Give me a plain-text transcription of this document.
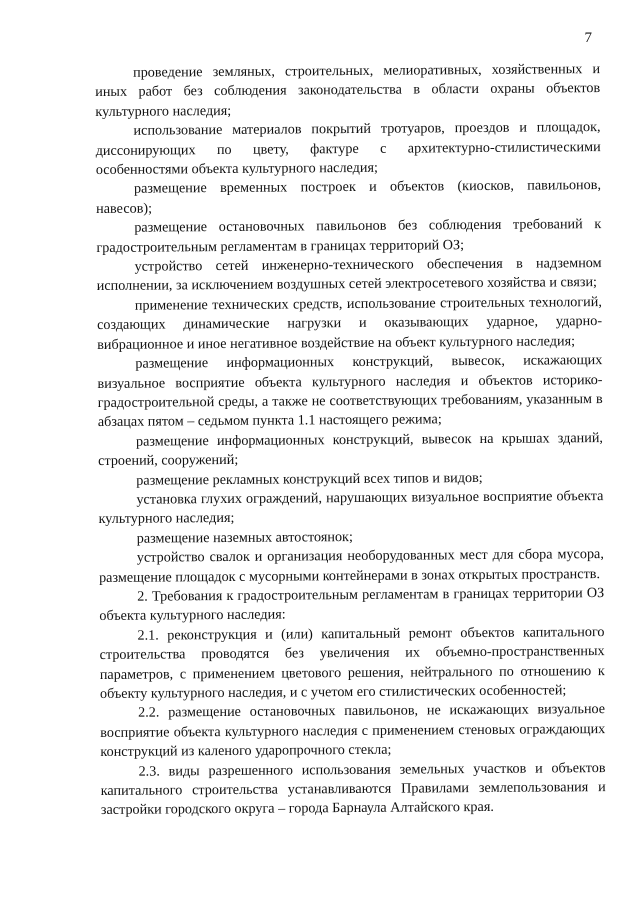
7

проведение земляных, строительных, мелиоративных, хозяйственных и иных работ без соблюдения законодательства в области охраны объектов культурного наследия;

использование материалов покрытий тротуаров, проездов и площадок, диссонирующих по цвету, фактуре с архитектурно-стилистическими особенностями объекта культурного наследия;

размещение временных построек и объектов (киосков, павильонов, навесов);

размещение остановочных павильонов без соблюдения требований к градостроительным регламентам в границах территорий ОЗ;

устройство сетей инженерно-технического обеспечения в надземном исполнении, за исключением воздушных сетей электросетевого хозяйства и связи;

применение технических средств, использование строительных технологий, создающих динамические нагрузки и оказывающих ударное, ударно-вибрационное и иное негативное воздействие на объект культурного наследия;

размещение информационных конструкций, вывесок, искажающих визуальное восприятие объекта культурного наследия и объектов историко-градостроительной среды, а также не соответствующих требованиям, указанным в абзацах пятом – седьмом пункта 1.1 настоящего режима;

размещение информационных конструкций, вывесок на крышах зданий, строений, сооружений;

размещение рекламных конструкций всех типов и видов;

установка глухих ограждений, нарушающих визуальное восприятие объекта культурного наследия;

размещение наземных автостоянок;

устройство свалок и организация необорудованных мест для сбора мусора, размещение площадок с мусорными контейнерами в зонах открытых пространств.

2. Требования к градостроительным регламентам в границах территории ОЗ объекта культурного наследия:

2.1. реконструкция и (или) капитальный ремонт объектов капитального строительства проводятся без увеличения их объемно-пространственных параметров, с применением цветового решения, нейтрального по отношению к объекту культурного наследия, и с учетом его стилистических особенностей;

2.2. размещение остановочных павильонов, не искажающих визуальное восприятие объекта культурного наследия с применением стеновых ограждающих конструкций из каленого ударопрочного стекла;

2.3. виды разрешенного использования земельных участков и объектов капитального строительства устанавливаются Правилами землепользования и застройки городского округа – города Барнаула Алтайского края.
